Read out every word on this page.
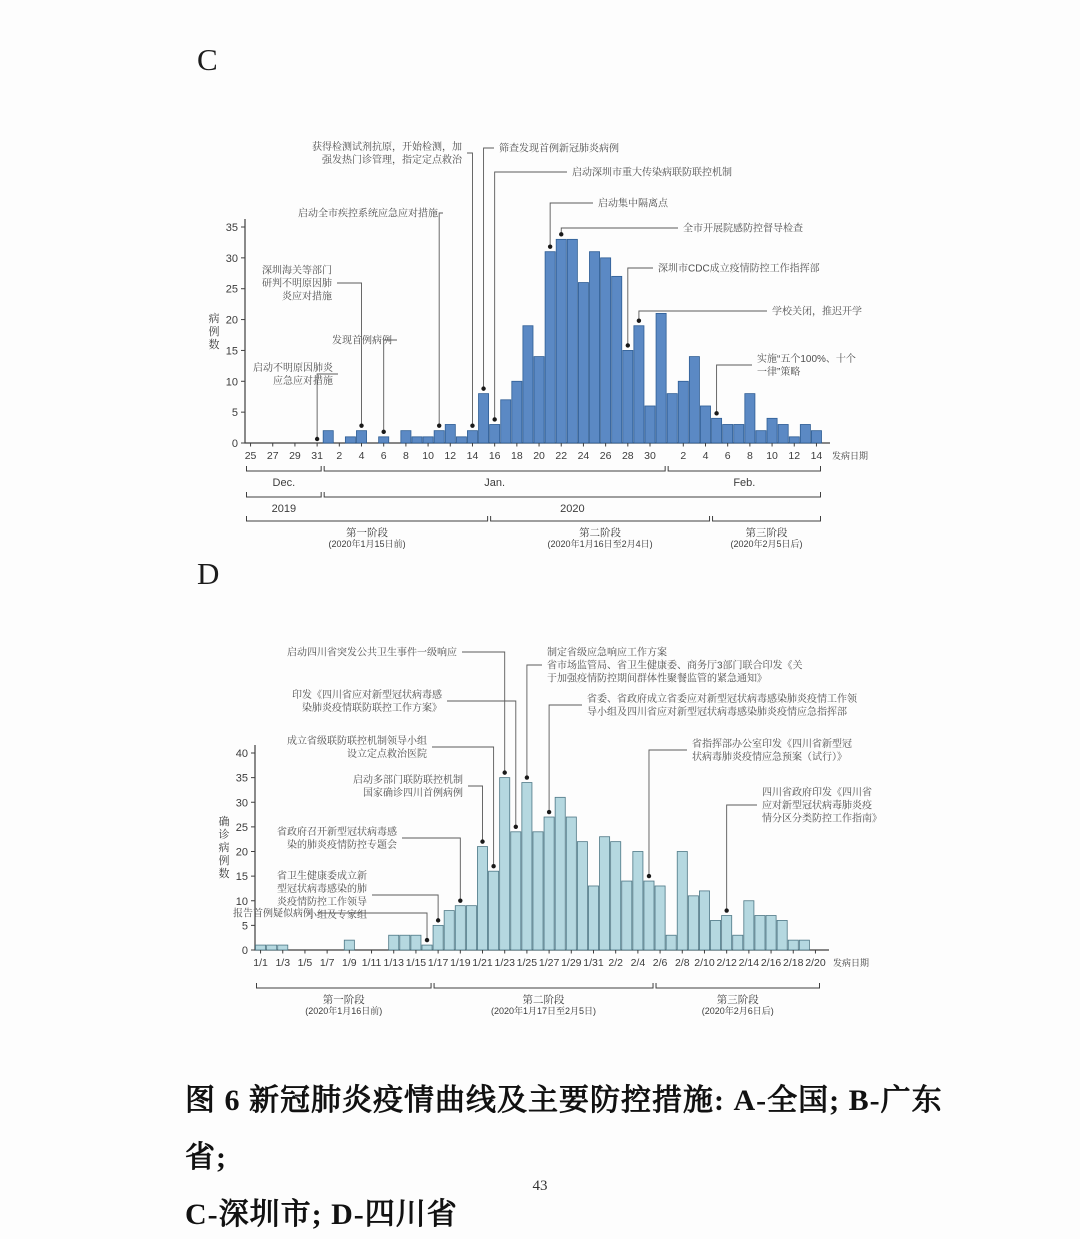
C
D
0
5
10
15
20
25
30
35
病
例
数
25 27 29 31 2 4 6 8 10 12 14 16 18 20 22 24 26 28 30 2 4 6 8 10 12 14 发病日期
Dec.	Jan.	Feb.
2019	2020
第一阶段
(2020年1月15日前)
第二阶段
(2020年1月16日至2月4日)
第三阶段
(2020年2月5日后)
获得检测试剂抗原，开始检测，加
强发热门诊管理，指定定点救治
筛查发现首例新冠肺炎病例
启动深圳市重大传染病联防联控机制
启动集中隔离点
全市开展院感防控督导检查
深圳市CDC成立疫情防控工作指挥部
学校关闭，推迟开学
实施“五个100%、十个
一律”策略
启动全市疾控系统应急应对措施
深圳海关等部门
研判不明原因肺
炎应对措施
发现首例病例
启动不明原因肺炎
应急应对措施
0
5
10
15
20
25
30
35
40
确
诊
病
例
数
1/1 1/3 1/5 1/7 1/9 1/11 1/13 1/15 1/17 1/19 1/21 1/23 1/25 1/27 1/29 1/31 2/2 2/4 2/6 2/8 2/10 2/12 2/14 2/16 2/18 2/20 发病日期
第一阶段
(2020年1月16日前)
第二阶段
(2020年1月17日至2月5日)
第三阶段
(2020年2月6日后)
启动四川省突发公共卫生事件一级响应
印发《四川省应对新型冠状病毒感
染肺炎疫情联防联控工作方案》
成立省级联防联控机制领导小组
设立定点救治医院
启动多部门联防联控机制
国家确诊四川首例病例
省政府召开新型冠状病毒感
染的肺炎疫情防控专题会
省卫生健康委成立新
型冠状病毒感染的肺
炎疫情防控工作领导
小组及专家组
报告首例疑似病例
制定省级应急响应工作方案
省市场监管局、省卫生健康委、商务厅3部门联合印发《关
于加强疫情防控期间群体性聚餐监管的紧急通知》
省委、省政府成立省委应对新型冠状病毒感染肺炎疫情工作领
导小组及四川省应对新型冠状病毒感染肺炎疫情应急指挥部
省指挥部办公室印发《四川省新型冠
状病毒肺炎疫情应急预案（试行）》
四川省政府印发《四川省
应对新型冠状病毒肺炎疫
情分区分类防控工作指南》
图 6 新冠肺炎疫情曲线及主要防控措施: A-全国; B-广东省;
C-深圳市; D-四川省
43
